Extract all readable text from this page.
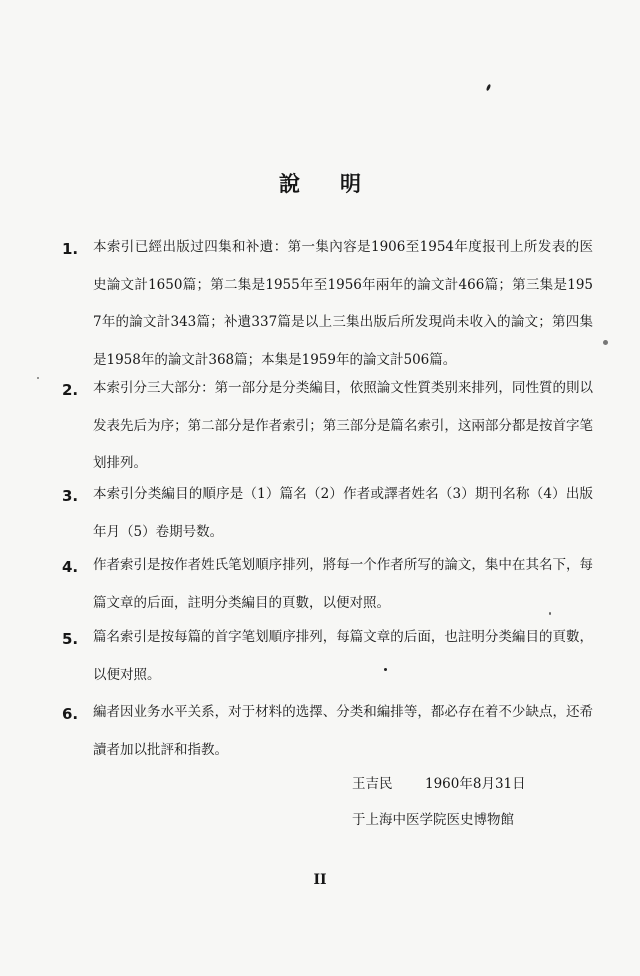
說明
1. 本索引已經出版过四集和补遺：第一集內容是1906至1954年度报刊上所发表的医史論文計1650篇；第二集是1955年至1956年兩年的論文計466篇；第三集是1957年的論文計343篇；补遺337篇是以上三集出版后所发現尚未收入的論文；第四集是1958年的論文計368篇；本集是1959年的論文計506篇。
2. 本索引分三大部分：第一部分是分类編目，依照論文性質类别来排列，同性質的則以发表先后为序；第二部分是作者索引；第三部分是篇名索引，这兩部分都是按首字笔划排列。
3. 本索引分类編目的順序是（1）篇名（2）作者或譯者姓名（3）期刊名称（4）出版年月（5）卷期号数。
4. 作者索引是按作者姓氏笔划順序排列，將每一个作者所写的論文，集中在其名下，每篇文章的后面，註明分类編目的頁數，以便对照。
5. 篇名索引是按每篇的首字笔划順序排列，每篇文章的后面，也註明分类編目的頁數，以便对照。
6. 編者因业务水平关系，对于材料的选擇、分类和編排等，都必存在着不少缺点，还希讀者加以批評和指教。
王吉民 1960年8月31日
于上海中医学院医史博物館
II
